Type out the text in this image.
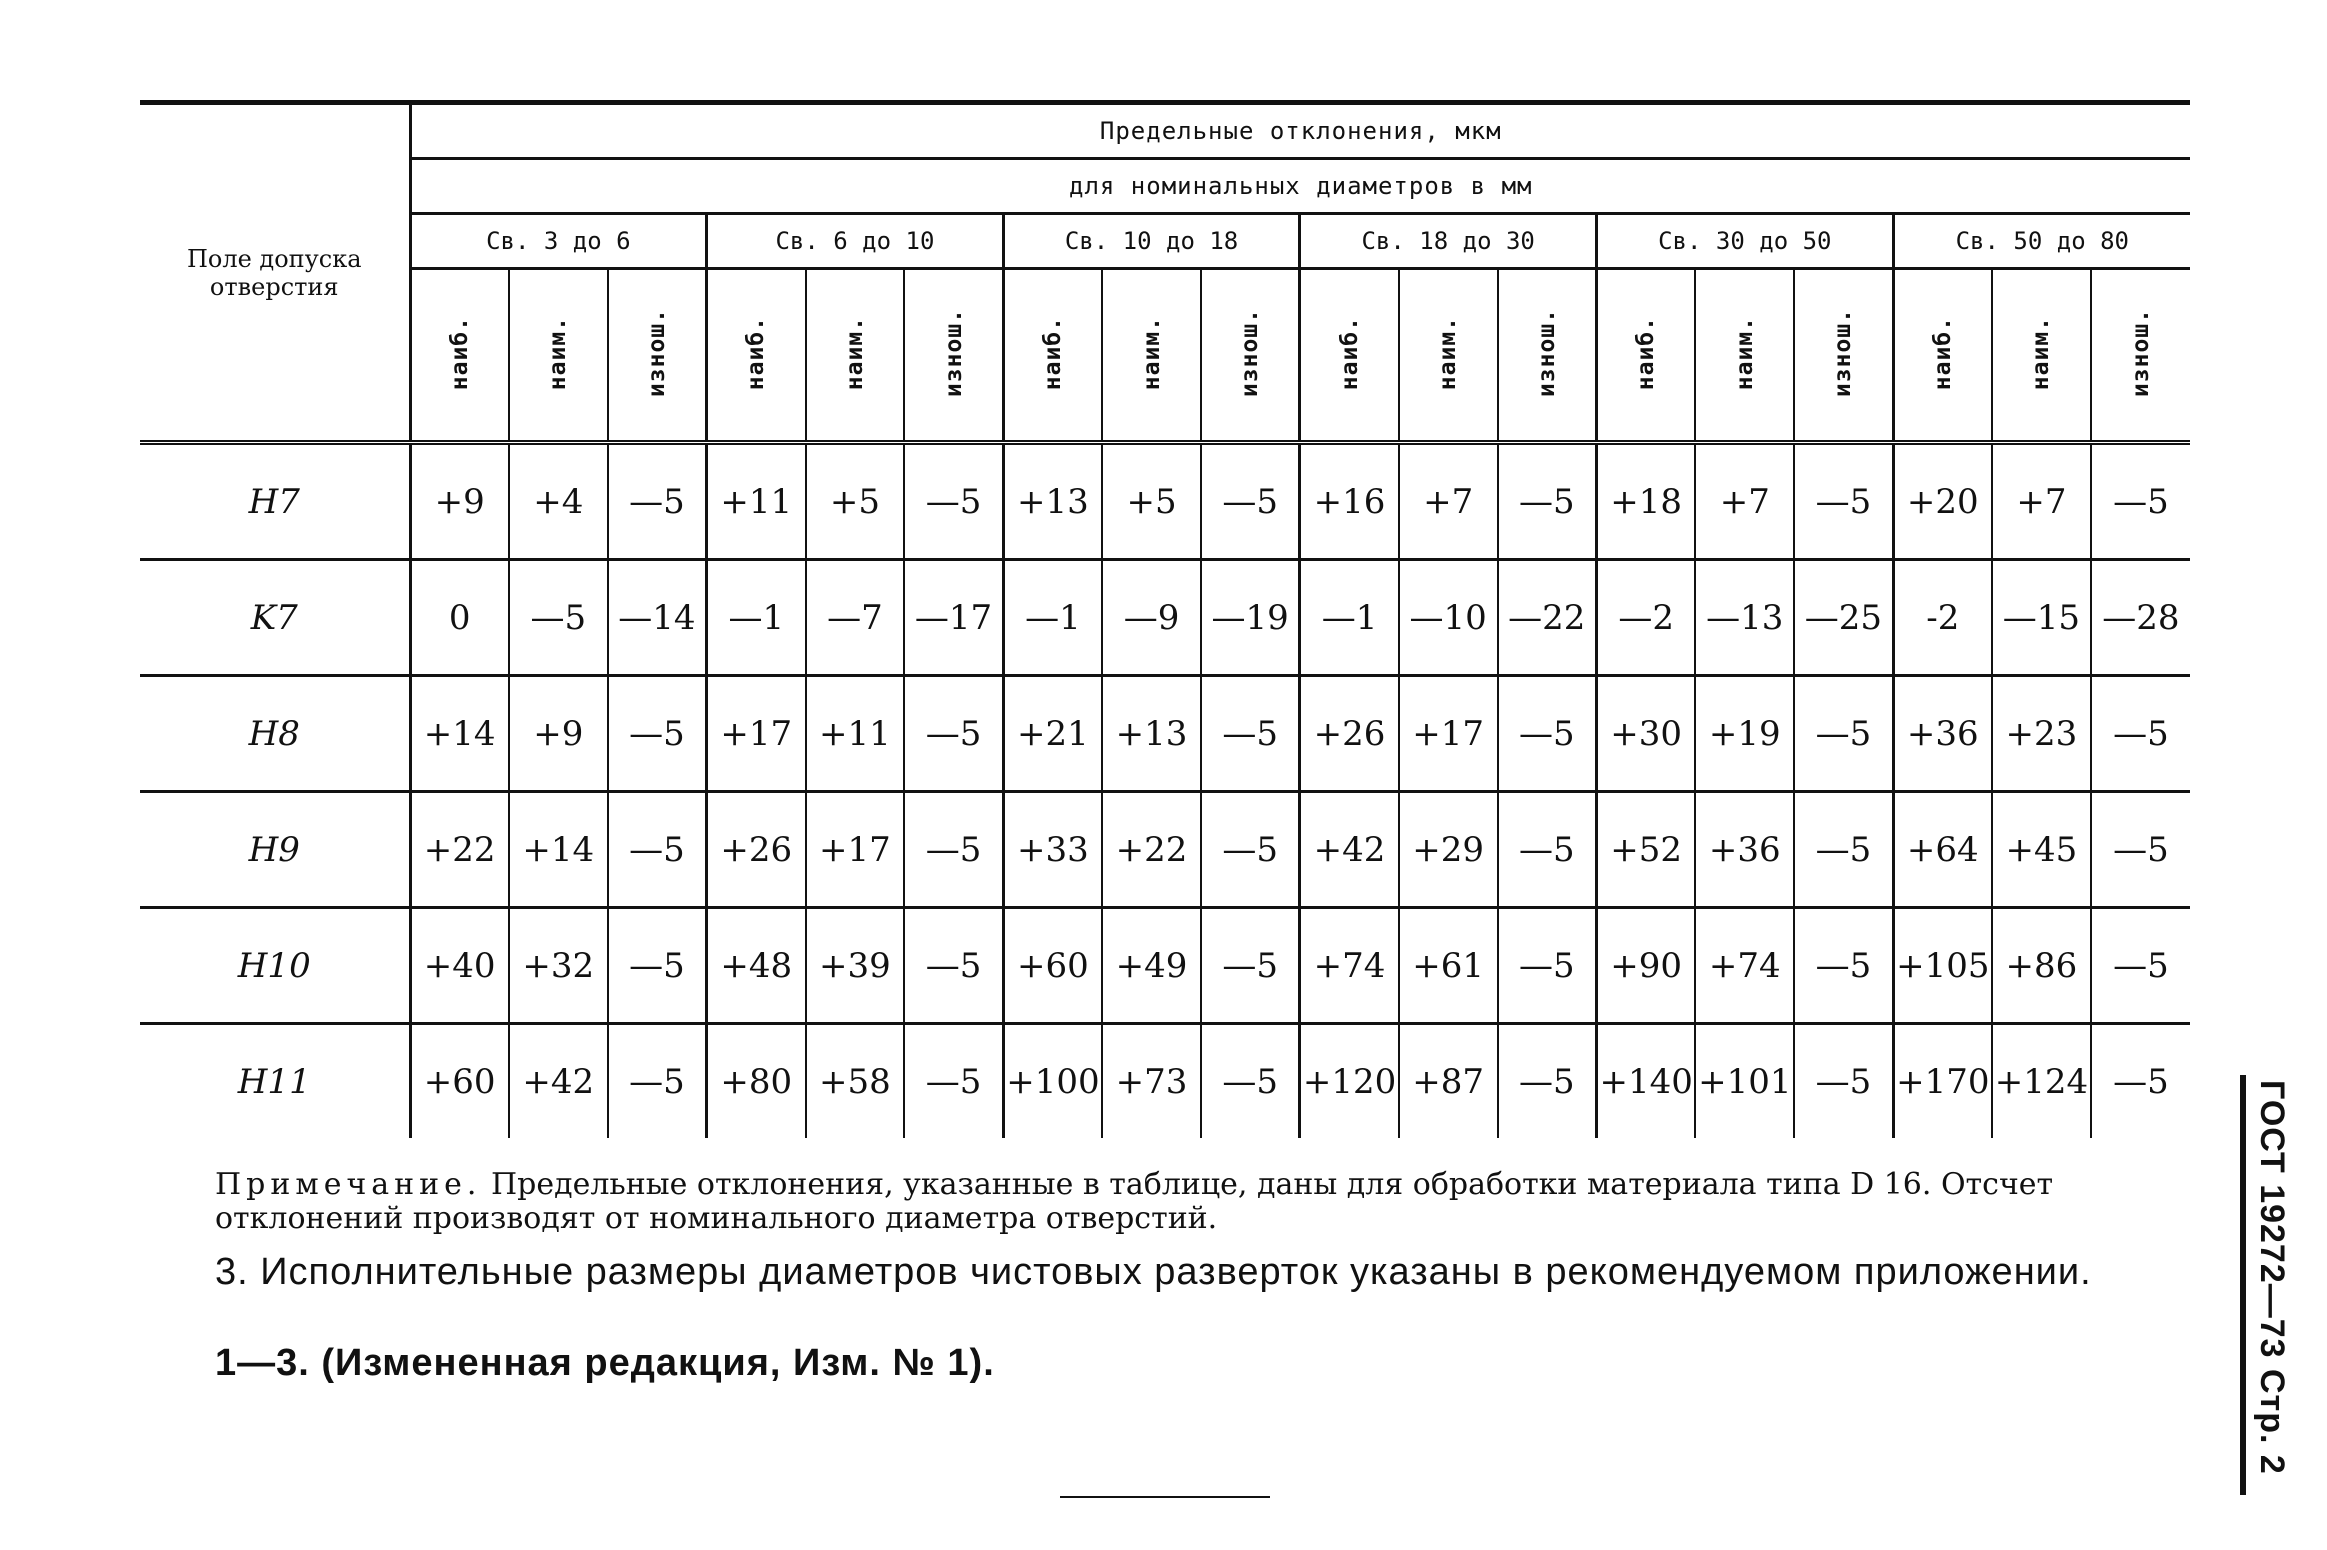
Поле допуска отверстия	Предельные отклонения, мкм																	
	для номинальных диаметров в мм																	
	Св. 3 до 6			Св. 6 до 10			Св. 10 до 18			Св. 18 до 30			Св. 30 до 50			Св. 50 до 80		
	наиб.	наим.	изнош.	наиб.	наим.	изнош.	наиб.	наим.	изнош.	наиб.	наим.	изнош.	наиб.	наим.	изнош.	наиб.	наим.	изнош.
H7	+9	+4	—5	+11	+5	—5	+13	+5	—5	+16	+7	—5	+18	+7	—5	+20	+7	—5
K7	0	—5	—14	—1	—7	—17	—1	—9	—19	—1	—10	—22	—2	—13	—25	-2	—15	—28
H8	+14	+9	—5	+17	+11	—5	+21	+13	—5	+26	+17	—5	+30	+19	—5	+36	+23	—5
H9	+22	+14	—5	+26	+17	—5	+33	+22	—5	+42	+29	—5	+52	+36	—5	+64	+45	—5
H10	+40	+32	—5	+48	+39	—5	+60	+49	—5	+74	+61	—5	+90	+74	—5	+105	+86	—5
H11	+60	+42	—5	+80	+58	—5	+100	+73	—5	+120	+87	—5	+140	+101	—5	+170	+124	—5
Примечание. Предельные отклонения, указанные в таблице, даны для обработки материала типа D 16. Отсчет отклонений производят от номинального диаметра отверстий.
3. Исполнительные размеры диаметров чистовых разверток указаны в рекомендуемом приложении.
1—3. (Измененная редакция, Изм. № 1).	ГОСТ 19272—73 Стр. 2
